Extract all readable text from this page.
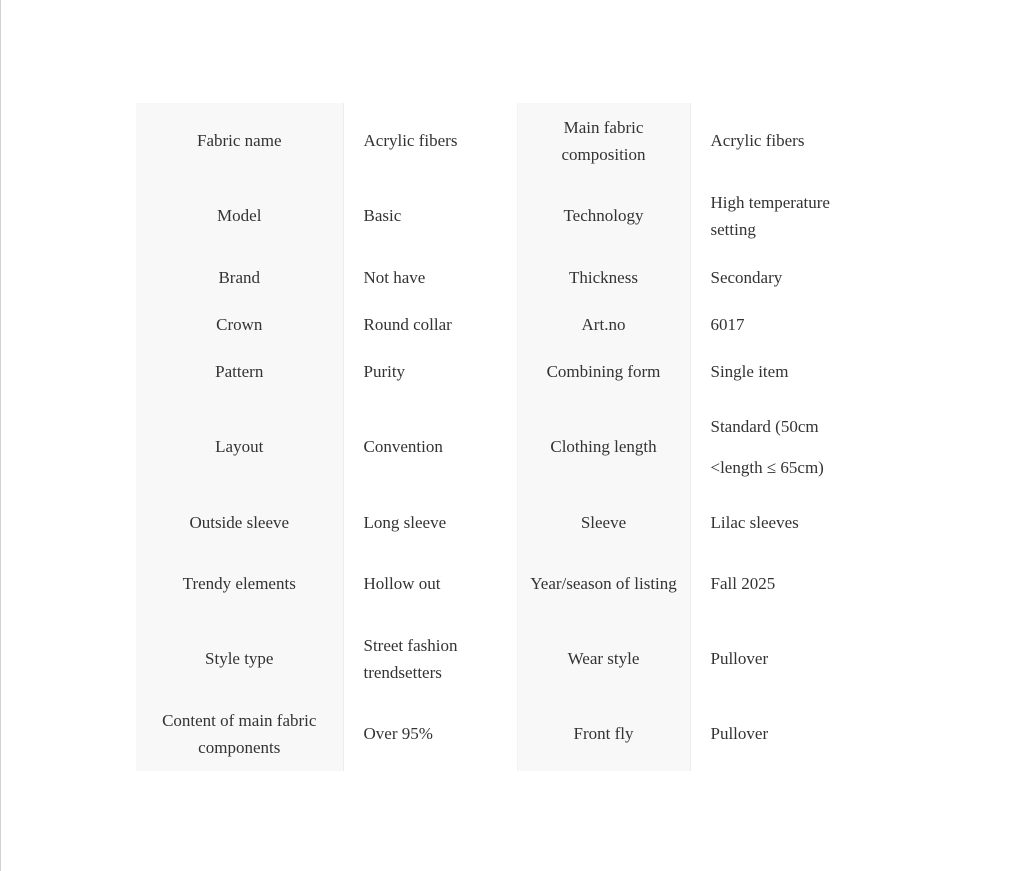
Fabric name	Acrylic fibers	Main fabric composition	Acrylic fibers

Model	Basic	Technology	High temperature setting

Brand	Not have	Thickness	Secondary

Crown	Round collar	Art.no	6017

Pattern	Purity	Combining form	Single item

Layout	Convention	Clothing length	Standard (50cm <length ≤ 65cm)

Outside sleeve	Long sleeve	Sleeve	Lilac sleeves

Trendy elements	Hollow out	Year/season of listing	Fall 2025

Style type	Street fashion trendsetters	Wear style	Pullover

Content of main fabric components	Over 95%	Front fly	Pullover
